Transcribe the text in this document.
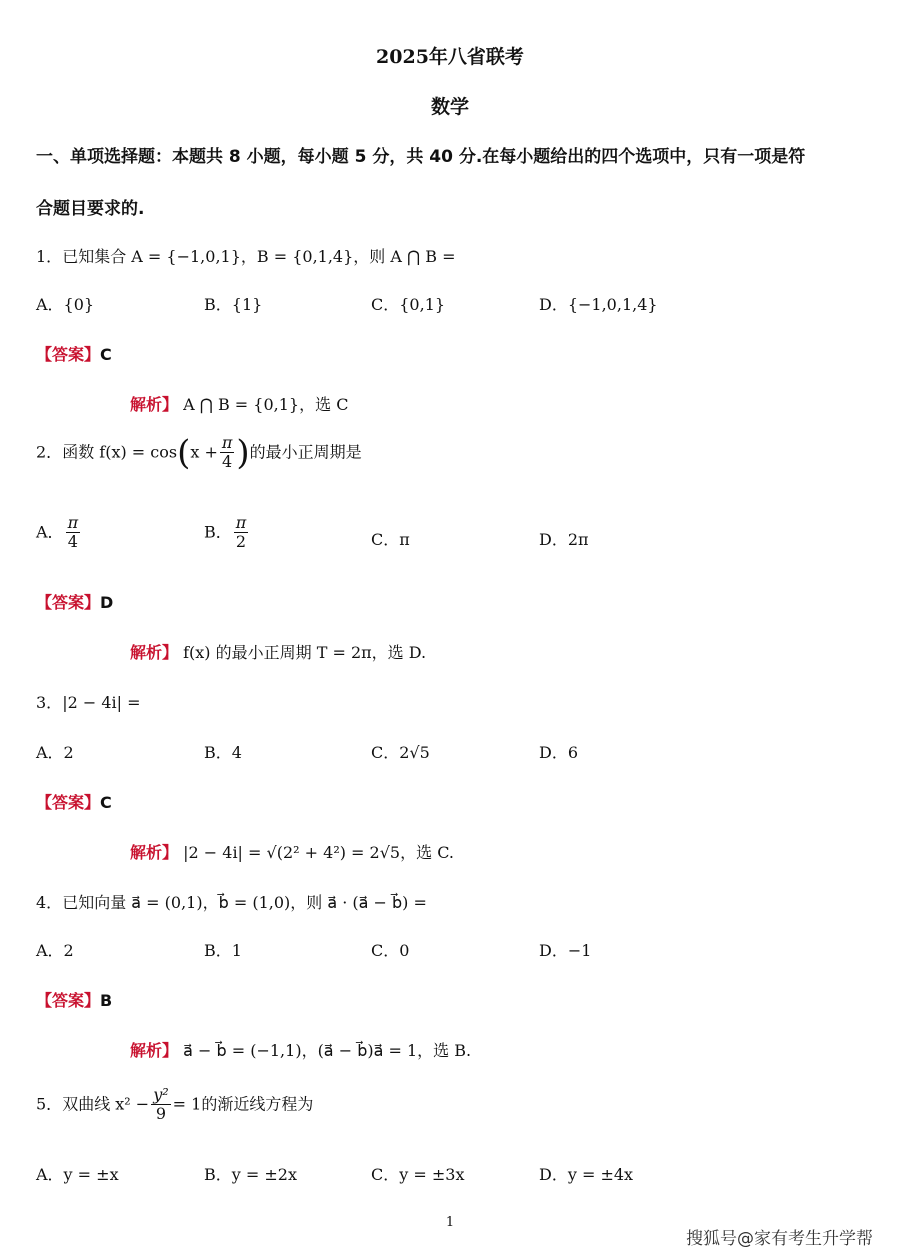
2025年八省联考
数学
一、单项选择题：本题共 8 小题，每小题 5 分，共 40 分.在每小题给出的四个选项中，只有一项是符
合题目要求的.
1．已知集合 A = {−1,0,1}，B = {0,1,4}，则 A ⋂ B =
A．{0}	B．{1}	C．{0,1}	D．{−1,0,1,4}
【答案】C
解析】 A ⋂ B = {0,1}，选 C
2．函数 $f(x) = \cos(x + \frac{\pi}{4}$ )的最小正周期是
A． $\frac{\pi}{4}$	B． $\frac{\pi}{2}$	C．π	D．2π
【答案】D
解析】 f(x) 的最小正周期 T = 2π，选 D.
3．|2 − 4i| =
A．2	B．4	C．2√5	D．6
【答案】C
解析】 |2 − 4i| = √(2² + 4²) = 2√5，选 C.
4．已知向量 a⃗ = (0,1)，b⃗ = (1,0)，则 a⃗ · (a⃗ − b⃗) =
A．2	B．1	C．0	D．−1
【答案】B
解析】 a⃗ − b⃗ = (−1,1)，(a⃗ − b⃗)a⃗ = 1，选 B.
5．双曲线 $x^2 - \frac{\text{y²}}{9} = 1$的渐近线方程为
A．y = ±x	B．y = ±2x	C．y = ±3x	D．y = ±4x
1
搜狐号@家有考生升学帮
